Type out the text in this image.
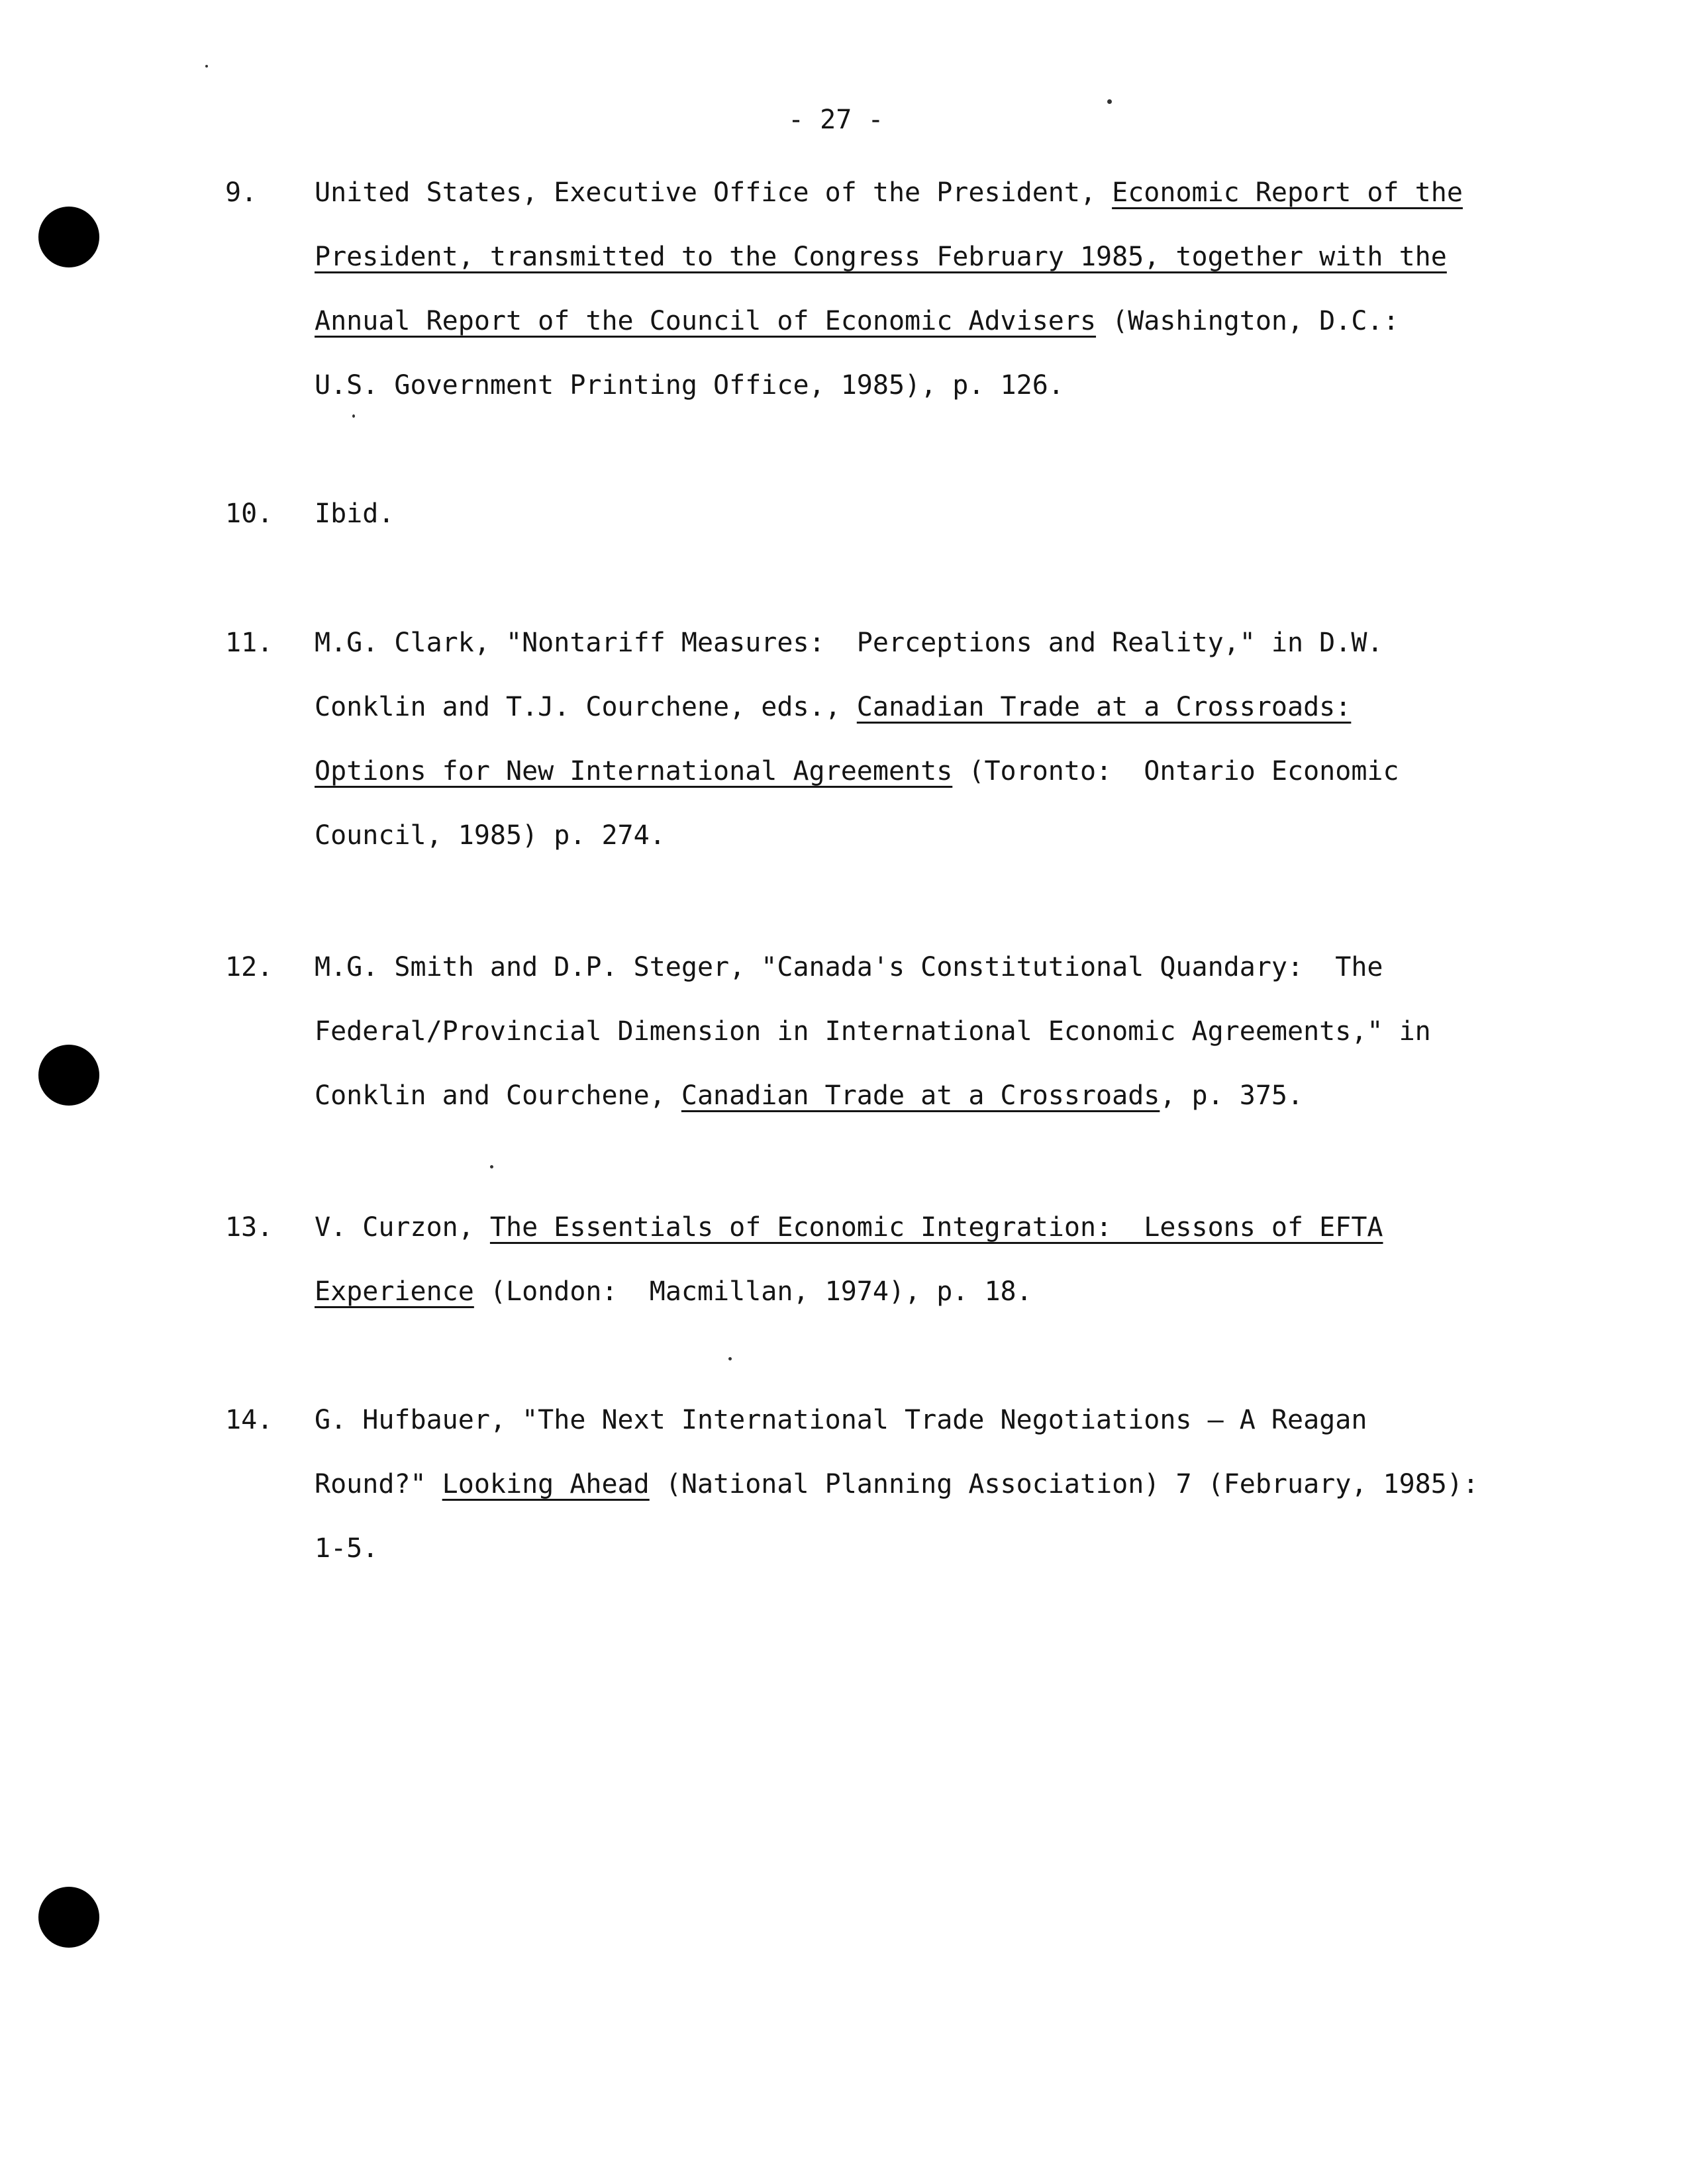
- 27 -
9. United States, Executive Office of the President, Economic Report of the
President, transmitted to the Congress February 1985, together with the
Annual Report of the Council of Economic Advisers (Washington, D.C.:
U.S. Government Printing Office, 1985), p. 126.
10. Ibid.
11. M.G. Clark, "Nontariff Measures:  Perceptions and Reality," in D.W.
Conklin and T.J. Courchene, eds., Canadian Trade at a Crossroads:
Options for New International Agreements (Toronto:  Ontario Economic
Council, 1985) p. 274.
12. M.G. Smith and D.P. Steger, "Canada's Constitutional Quandary:  The
Federal/Provincial Dimension in International Economic Agreements," in
Conklin and Courchene, Canadian Trade at a Crossroads, p. 375.
13. V. Curzon, The Essentials of Economic Integration:  Lessons of EFTA
Experience (London:  Macmillan, 1974), p. 18.
14. G. Hufbauer, "The Next International Trade Negotiations — A Reagan
Round?" Looking Ahead (National Planning Association) 7 (February, 1985):
1-5.
